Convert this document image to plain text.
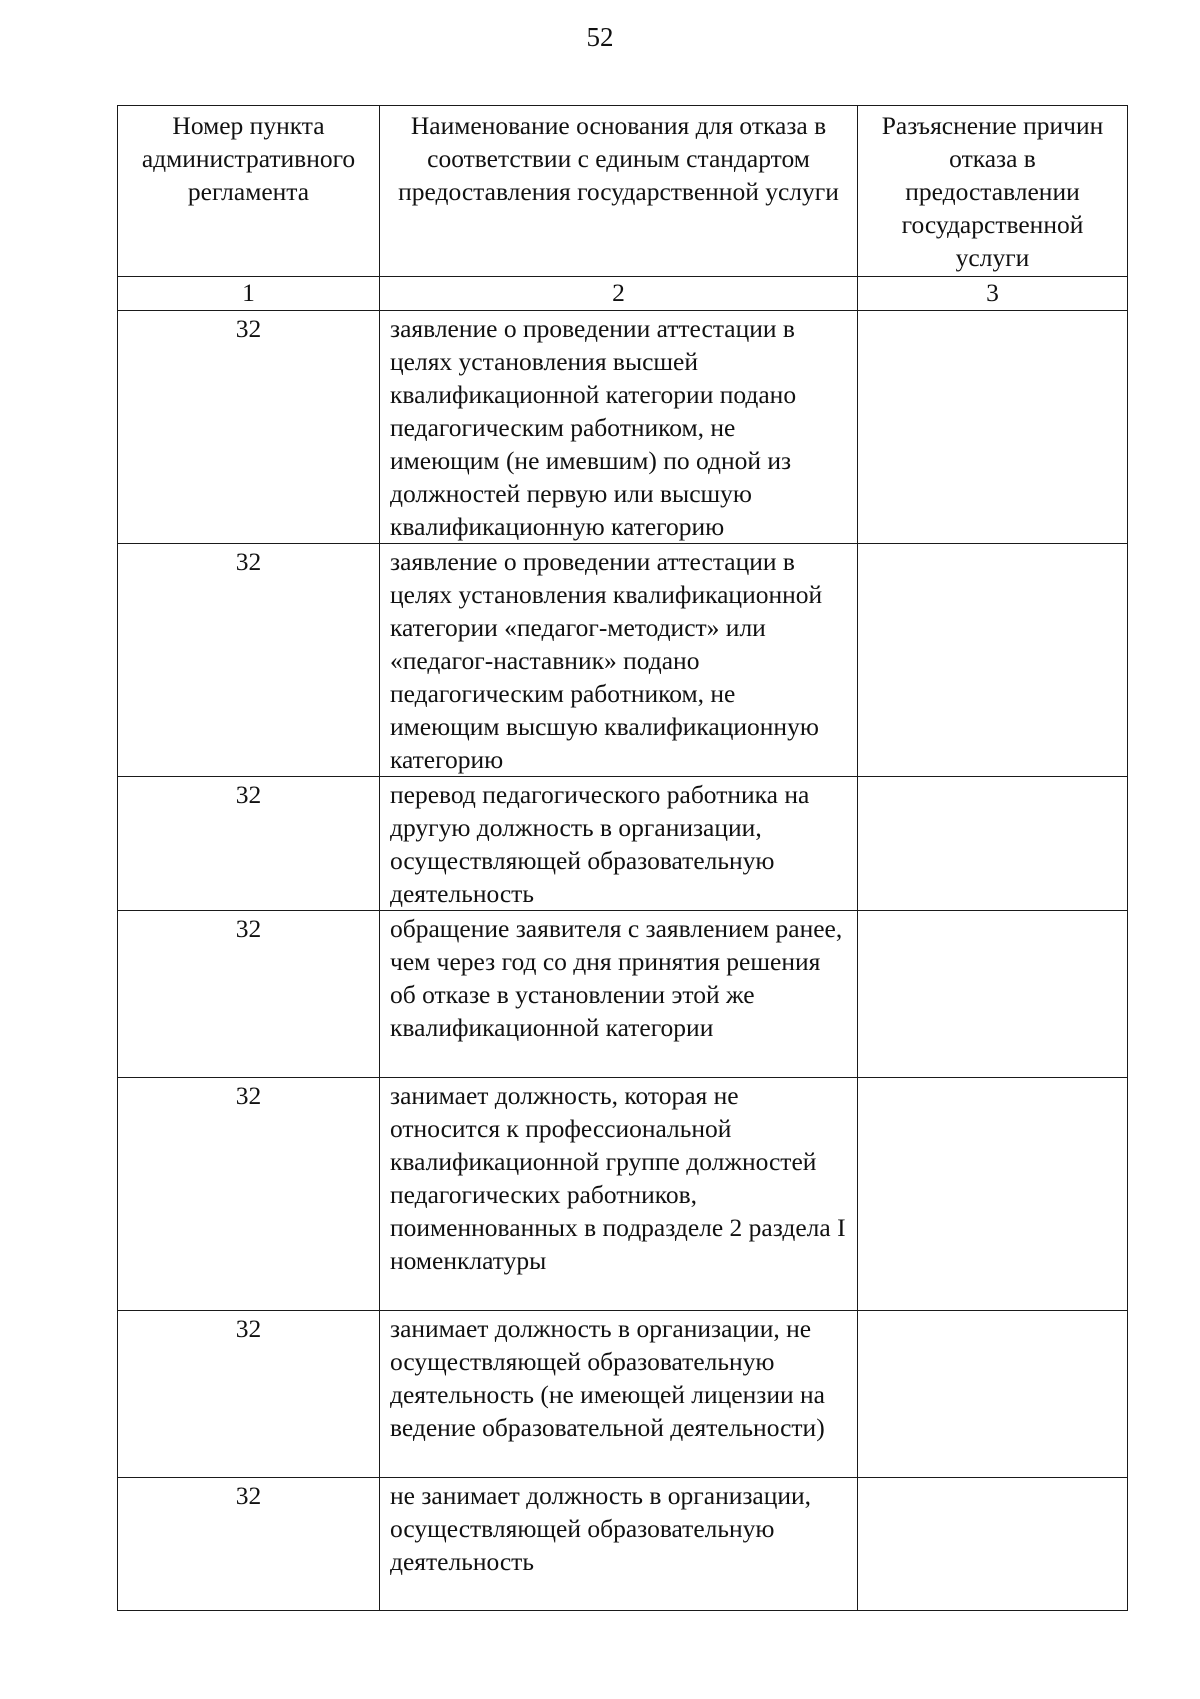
52
Номер пункта административного регламента	Наименование основания для отказа в соответствии с единым стандартом предоставления государственной услуги	Разъяснение причин отказа в предоставлении государственной услуги
1	2	3
32	заявление о проведении аттестации в целях установления высшей квалификационной категории подано педагогическим работником, не имеющим (не имевшим) по одной из должностей первую или высшую квалификационную категорию	
32	заявление о проведении аттестации в целях установления квалификационной категории «педагог-методист» или «педагог-наставник» подано педагогическим работником, не имеющим высшую квалификационную категорию	
32	перевод педагогического работника на другую должность в организации, осуществляющей образовательную деятельность	
32	обращение заявителя с заявлением ранее, чем через год со дня принятия решения об отказе в установлении этой же квалификационной категории	
32	занимает должность, которая не относится к профессиональной квалификационной группе должностей педагогических работников, поименнованных в подразделе 2 раздела I номенклатуры	
32	занимает должность в организации, не осуществляющей образовательную деятельность (не имеющей лицензии на ведение образовательной деятельности)	
32	не занимает должность в организации, осуществляющей образовательную деятельность	
